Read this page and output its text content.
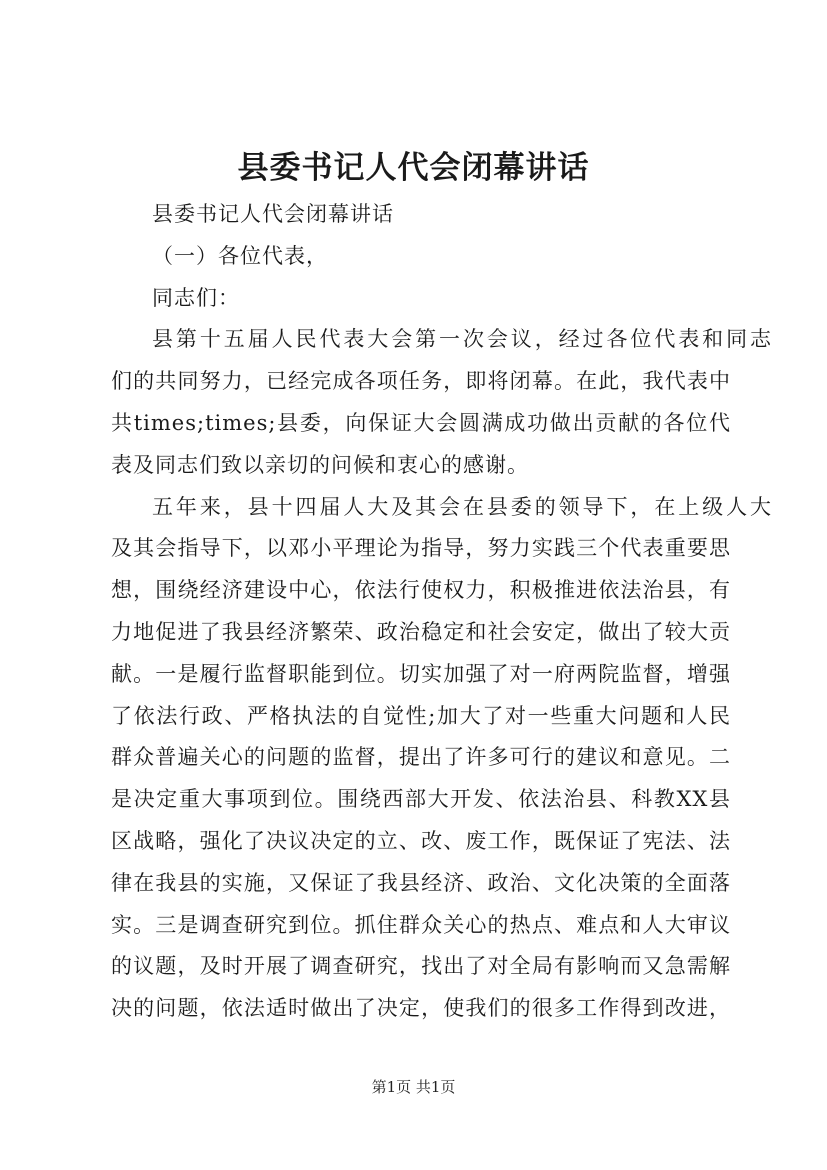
县委书记人代会闭幕讲话

县委书记人代会闭幕讲话

（一）各位代表，

同志们：

县第十五届人民代表大会第一次会议，经过各位代表和同志

们的共同努力，已经完成各项任务，即将闭幕。在此，我代表中

共times;times;县委，向保证大会圆满成功做出贡献的各位代

表及同志们致以亲切的问候和衷心的感谢。

五年来，县十四届人大及其会在县委的领导下，在上级人大

及其会指导下，以邓小平理论为指导，努力实践三个代表重要思

想，围绕经济建设中心，依法行使权力，积极推进依法治县，有

力地促进了我县经济繁荣、政治稳定和社会安定，做出了较大贡

献。一是履行监督职能到位。切实加强了对一府两院监督，增强

了依法行政、严格执法的自觉性;加大了对一些重大问题和人民

群众普遍关心的问题的监督，提出了许多可行的建议和意见。二

是决定重大事项到位。围绕西部大开发、依法治县、科教XX县

区战略，强化了决议决定的立、改、废工作，既保证了宪法、法

律在我县的实施，又保证了我县经济、政治、文化决策的全面落

实。三是调查研究到位。抓住群众关心的热点、难点和人大审议

的议题，及时开展了调查研究，找出了对全局有影响而又急需解

决的问题，依法适时做出了决定，使我们的很多工作得到改进，

第1页 共1页
